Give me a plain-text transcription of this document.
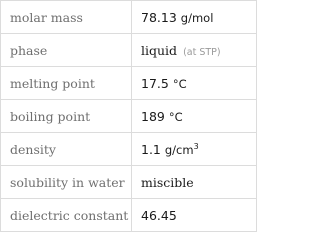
molar mass	78.13 g/mol
phase	liquid (at STP)
melting point	17.5 °C
boiling point	189 °C
density	1.1 $g/cm^3$
solubility in water	miscible
dielectric constant	46.45
